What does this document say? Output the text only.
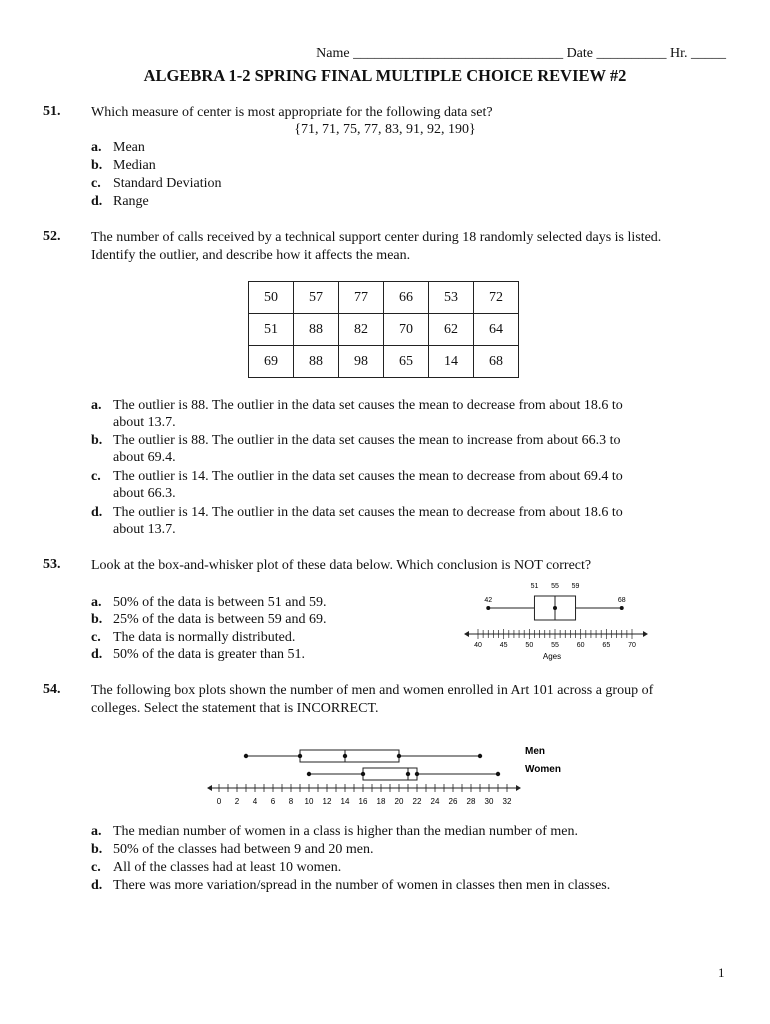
Name ______________________________ Date __________ Hr. _____
ALGEBRA 1-2 SPRING FINAL MULTIPLE CHOICE REVIEW #2
51. Which measure of center is most appropriate for the following data set?
{71, 71, 75, 77, 83, 91, 92, 190}
a. Mean
b. Median
c. Standard Deviation
d. Range
52. The number of calls received by a technical support center during 18 randomly selected days is listed.
Identify the outlier, and describe how it affects the mean.
50	57	77	66	53	72
51	88	82	70	62	64
69	88	98	65	14	68
a. The outlier is 88. The outlier in the data set causes the mean to decrease from about 18.6 to
about 13.7.
b. The outlier is 88. The outlier in the data set causes the mean to increase from about 66.3 to
about 69.4.
c. The outlier is 14. The outlier in the data set causes the mean to decrease from about 69.4 to
about 66.3.
d. The outlier is 14. The outlier in the data set causes the mean to decrease from about 18.6 to
about 13.7.
53. Look at the box-and-whisker plot of these data below. Which conclusion is NOT correct?
a. 50% of the data is between 51 and 59.
b. 25% of the data is between 59 and 69.
c. The data is normally distributed.
d. 50% of the data is greater than 51.
42	68
51 55 59
40	45	50	55	60	65	70
Ages
54. The following box plots shown the number of men and women enrolled in Art 101 across a group of
colleges. Select the statement that is INCORRECT.
Men
Women
0 2 4 6 8 10 12 14 16 18 20 22 24 26 28 30 32
a. The median number of women in a class is higher than the median number of men.
b. 50% of the classes had between 9 and 20 men.
c. All of the classes had at least 10 women.
d. There was more variation/spread in the number of women in classes then men in classes.
1
